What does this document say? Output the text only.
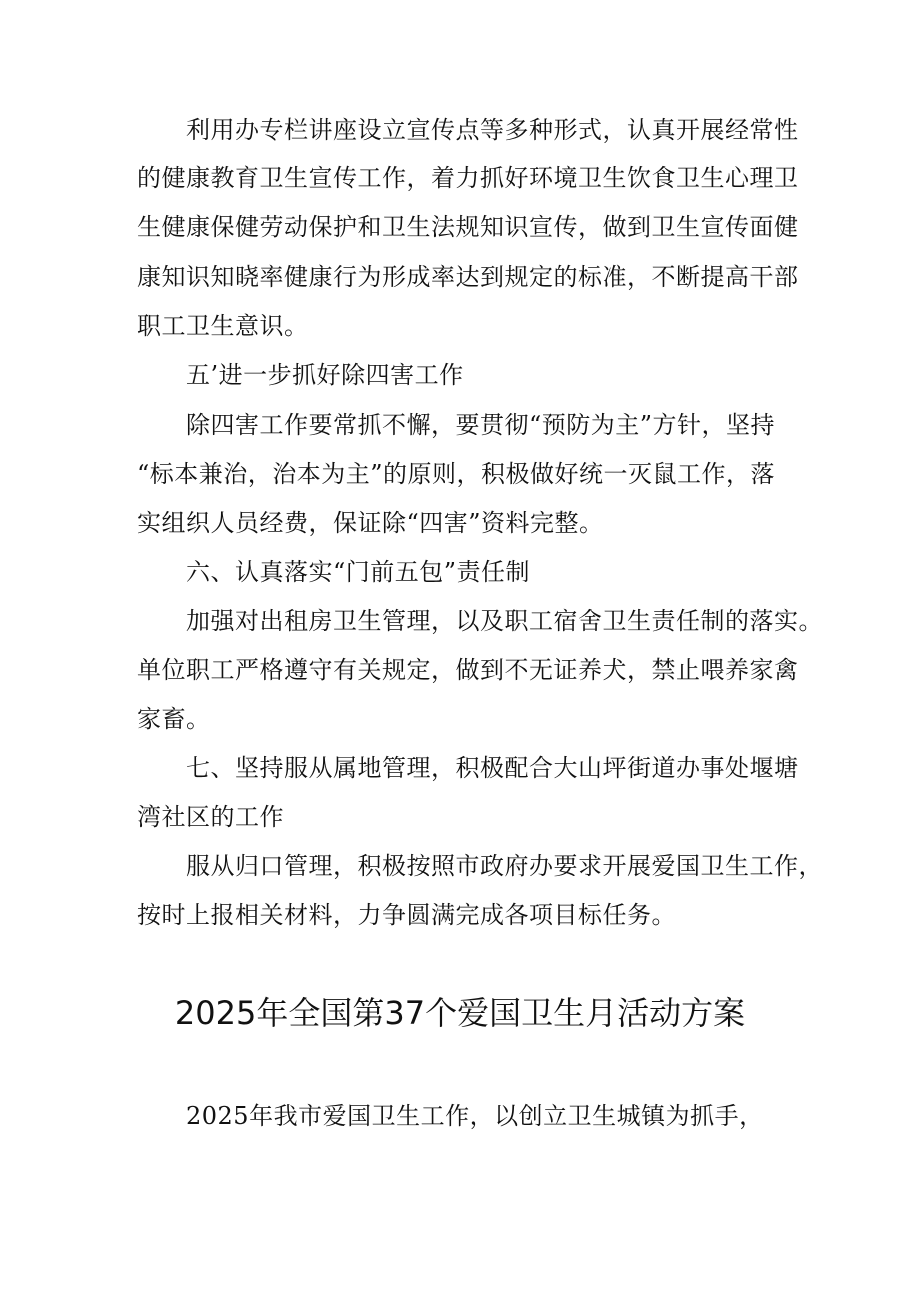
利用办专栏讲座设立宣传点等多种形式，认真开展经常性
的健康教育卫生宣传工作，着力抓好环境卫生饮食卫生心理卫
生健康保健劳动保护和卫生法规知识宣传，做到卫生宣传面健
康知识知晓率健康行为形成率达到规定的标准，不断提高干部
职工卫生意识。
五’进一步抓好除四害工作
除四害工作要常抓不懈，要贯彻“预防为主”方针，坚持
“标本兼治，治本为主”的原则，积极做好统一灭鼠工作，落
实组织人员经费，保证除“四害”资料完整。
六、认真落实“门前五包”责任制
加强对出租房卫生管理，以及职工宿舍卫生责任制的落实。
单位职工严格遵守有关规定，做到不无证养犬，禁止喂养家禽
家畜。
七、坚持服从属地管理，积极配合大山坪街道办事处堰塘
湾社区的工作
服从归口管理，积极按照市政府办要求开展爱国卫生工作，
按时上报相关材料，力争圆满完成各项目标任务。
2025年全国第37个爱国卫生月活动方案
2025年我市爱国卫生工作，以创立卫生城镇为抓手，
